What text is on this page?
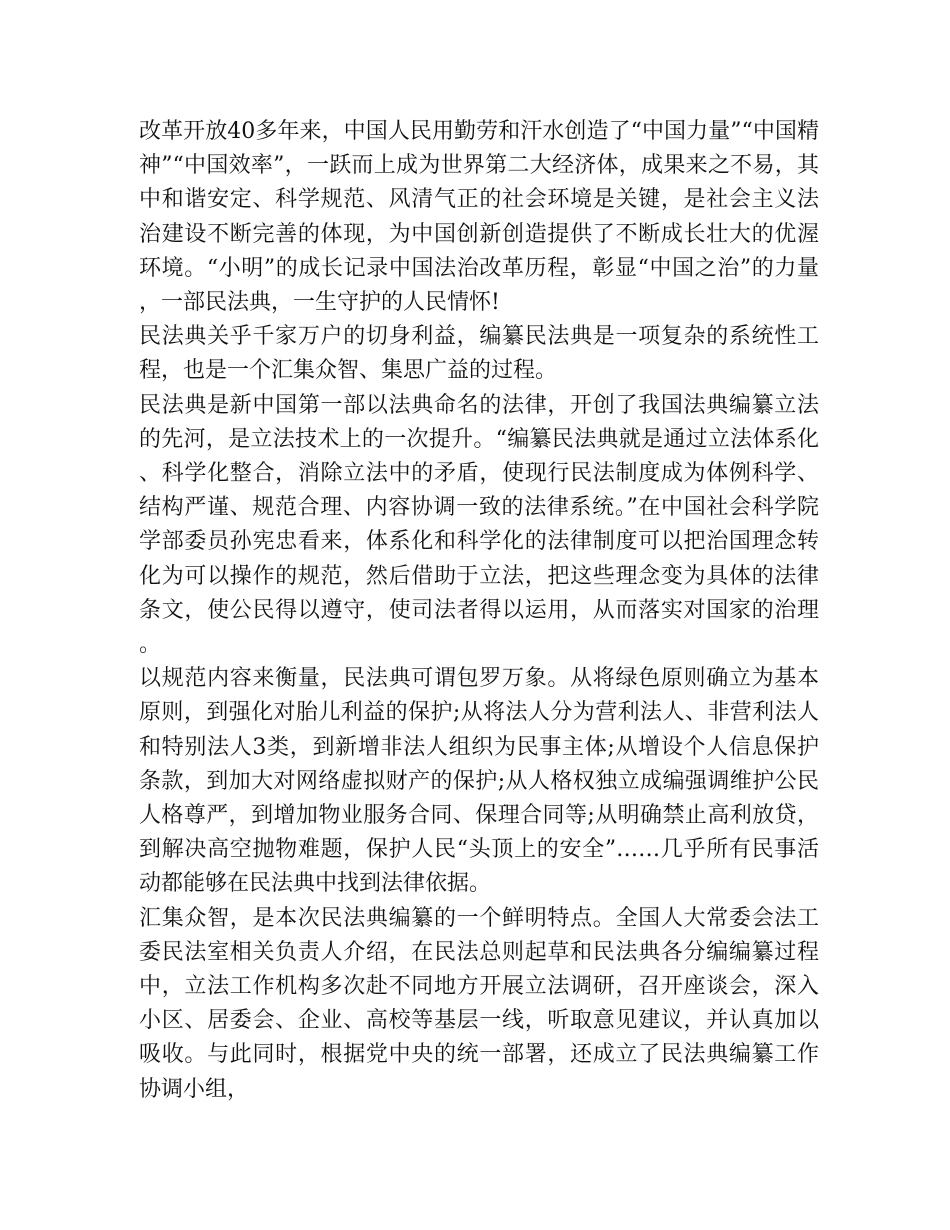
改革开放40多年来，中国人民用勤劳和汗水创造了“中国力量”“中国精神”“中国效率”，一跃而上成为世界第二大经济体，成果来之不易，其中和谐安定、科学规范、风清气正的社会环境是关键，是社会主义法治建设不断完善的体现，为中国创新创造提供了不断成长壮大的优渥环境。“小明”的成长记录中国法治改革历程，彰显“中国之治”的力量，一部民法典，一生守护的人民情怀!

民法典关乎千家万户的切身利益，编纂民法典是一项复杂的系统性工程，也是一个汇集众智、集思广益的过程。

民法典是新中国第一部以法典命名的法律，开创了我国法典编纂立法的先河，是立法技术上的一次提升。“编纂民法典就是通过立法体系化、科学化整合，消除立法中的矛盾，使现行民法制度成为体例科学、结构严谨、规范合理、内容协调一致的法律系统。”在中国社会科学院学部委员孙宪忠看来，体系化和科学化的法律制度可以把治国理念转化为可以操作的规范，然后借助于立法，把这些理念变为具体的法律条文，使公民得以遵守，使司法者得以运用，从而落实对国家的治理。

以规范内容来衡量，民法典可谓包罗万象。从将绿色原则确立为基本原则，到强化对胎儿利益的保护;从将法人分为营利法人、非营利法人和特别法人3类，到新增非法人组织为民事主体;从增设个人信息保护条款，到加大对网络虚拟财产的保护;从人格权独立成编强调维护公民人格尊严，到增加物业服务合同、保理合同等;从明确禁止高利放贷，到解决高空抛物难题，保护人民“头顶上的安全”……几乎所有民事活动都能够在民法典中找到法律依据。

汇集众智，是本次民法典编纂的一个鲜明特点。全国人大常委会法工委民法室相关负责人介绍，在民法总则起草和民法典各分编编纂过程中，立法工作机构多次赴不同地方开展立法调研，召开座谈会，深入小区、居委会、企业、高校等基层一线，听取意见建议，并认真加以吸收。与此同时，根据党中央的统一部署，还成立了民法典编纂工作协调小组，
